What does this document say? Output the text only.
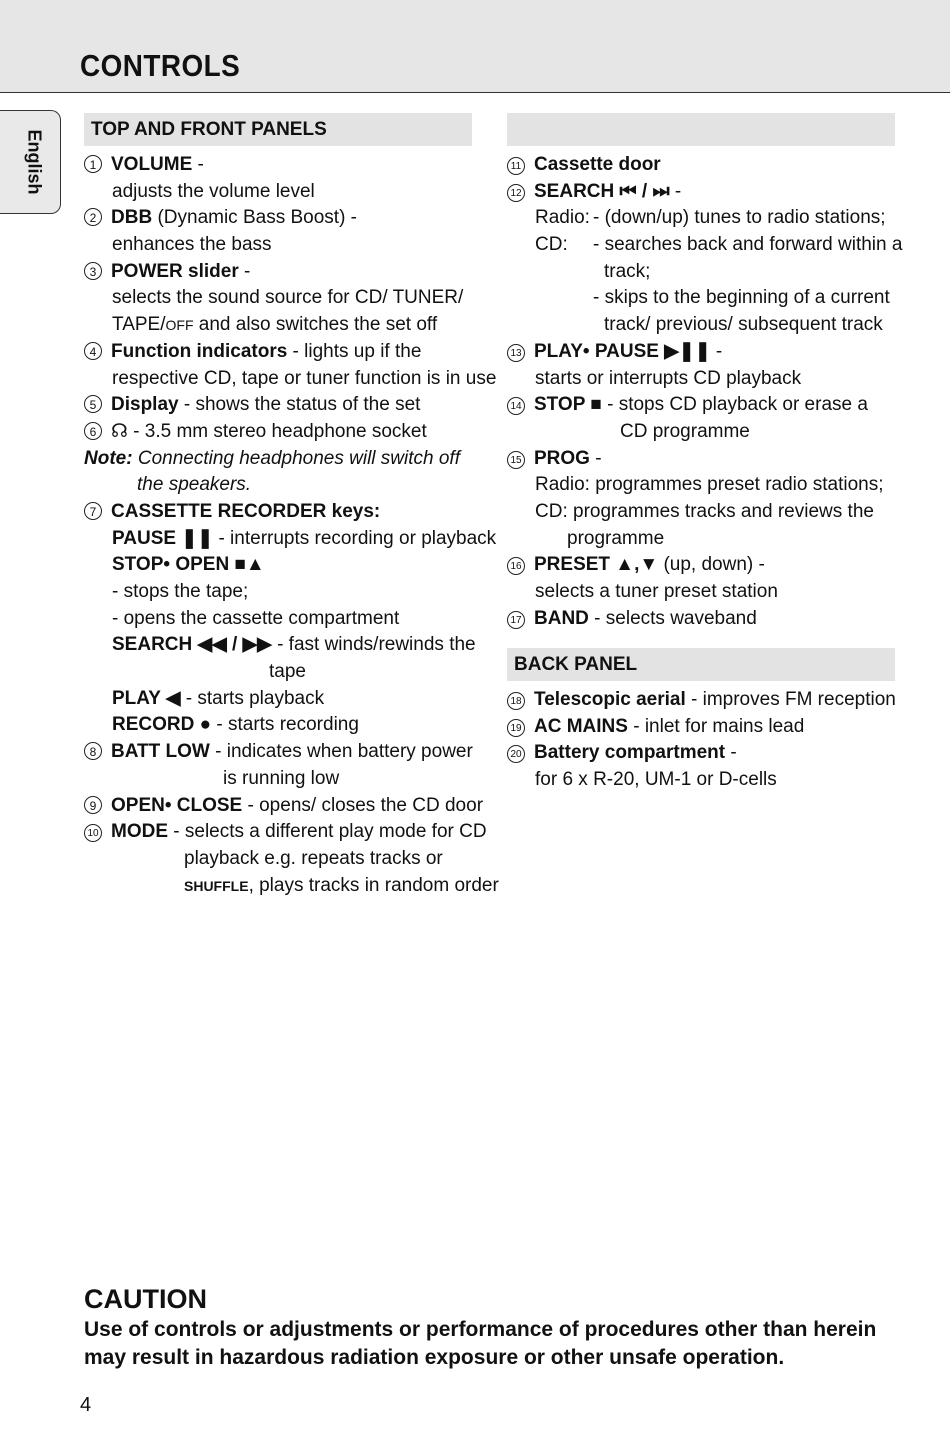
CONTROLS
English	TOP AND FRONT PANELS
1 VOLUME -
adjusts the volume level
2 DBB (Dynamic Bass Boost) -
enhances the bass
3 POWER slider -
selects the sound source for CD/ TUNER/
TAPE/OFF and also switches the set off
4 Function indicators - lights up if the
respective CD, tape or tuner function is in use
5 Display - shows the status of the set
6 ☊ - 3.5 mm stereo headphone socket
Note: Connecting headphones will switch off
the speakers.
7 CASSETTE RECORDER keys:
PAUSE ❚❚ - interrupts recording or playback
STOP• OPEN ■▲
- stops the tape;
- opens the cassette compartment
SEARCH ◀◀ / ▶▶ - fast winds/rewinds the
tape
PLAY ◀ - starts playback
RECORD ● - starts recording
8 BATT LOW - indicates when battery power
is running low
9 OPEN• CLOSE - opens/ closes the CD door
10 MODE - selects a different play mode for CD
playback e.g. repeats tracks or
SHUFFLE, plays tracks in random order
11 Cassette door
12 SEARCH ⏮ / ⏭ -
Radio: - (down/up) tunes to radio stations;
CD: - searches back and forward within a
track;
- skips to the beginning of a current
track/ previous/ subsequent track
13 PLAY• PAUSE ▶❚❚ -
starts or interrupts CD playback
14 STOP ■ - stops CD playback or erase a
CD programme
15 PROG -
Radio: programmes preset radio stations;
CD: programmes tracks and reviews the
programme
16 PRESET ▲,▼ (up, down) -
selects a tuner preset station
17 BAND - selects waveband
BACK PANEL
18 Telescopic aerial - improves FM reception
19 AC MAINS - inlet for mains lead
20 Battery compartment -
for 6 x R-20, UM-1 or D-cells
CAUTION
Use of controls or adjustments or performance of procedures other than herein may result in hazardous radiation exposure or other unsafe operation.
4
